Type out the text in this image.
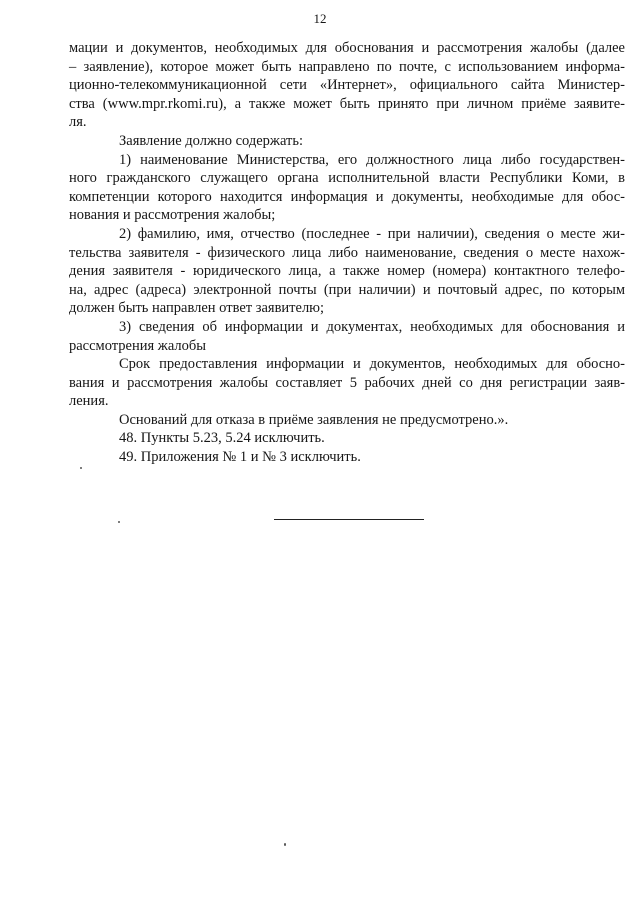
12
мации и документов, необходимых для обоснования и рассмотрения жалобы (далее
– заявление), которое может быть направлено по почте, с использованием информа-
ционно-телекоммуникационной сети «Интернет», официального сайта Министер-
ства (www.mpr.rkomi.ru), а также может быть принято при личном приёме заявите-
ля.
Заявление должно содержать:
1) наименование Министерства, его должностного лица либо государствен-
ного гражданского служащего органа исполнительной власти Республики Коми, в
компетенции которого находится информация и документы, необходимые для обос-
нования и рассмотрения жалобы;
2) фамилию, имя, отчество (последнее - при наличии), сведения о месте жи-
тельства заявителя - физического лица либо наименование, сведения о месте нахож-
дения заявителя - юридического лица, а также номер (номера) контактного телефо-
на, адрес (адреса) электронной почты (при наличии) и почтовый адрес, по которым
должен быть направлен ответ заявителю;
3) сведения об информации и документах, необходимых для обоснования и
рассмотрения жалобы
Срок предоставления информации и документов, необходимых для обосно-
вания и рассмотрения жалобы составляет 5 рабочих дней со дня регистрации заяв-
ления.
Оснований для отказа в приёме заявления не предусмотрено.».
48. Пункты 5.23, 5.24 исключить.
49. Приложения № 1 и № 3 исключить.
